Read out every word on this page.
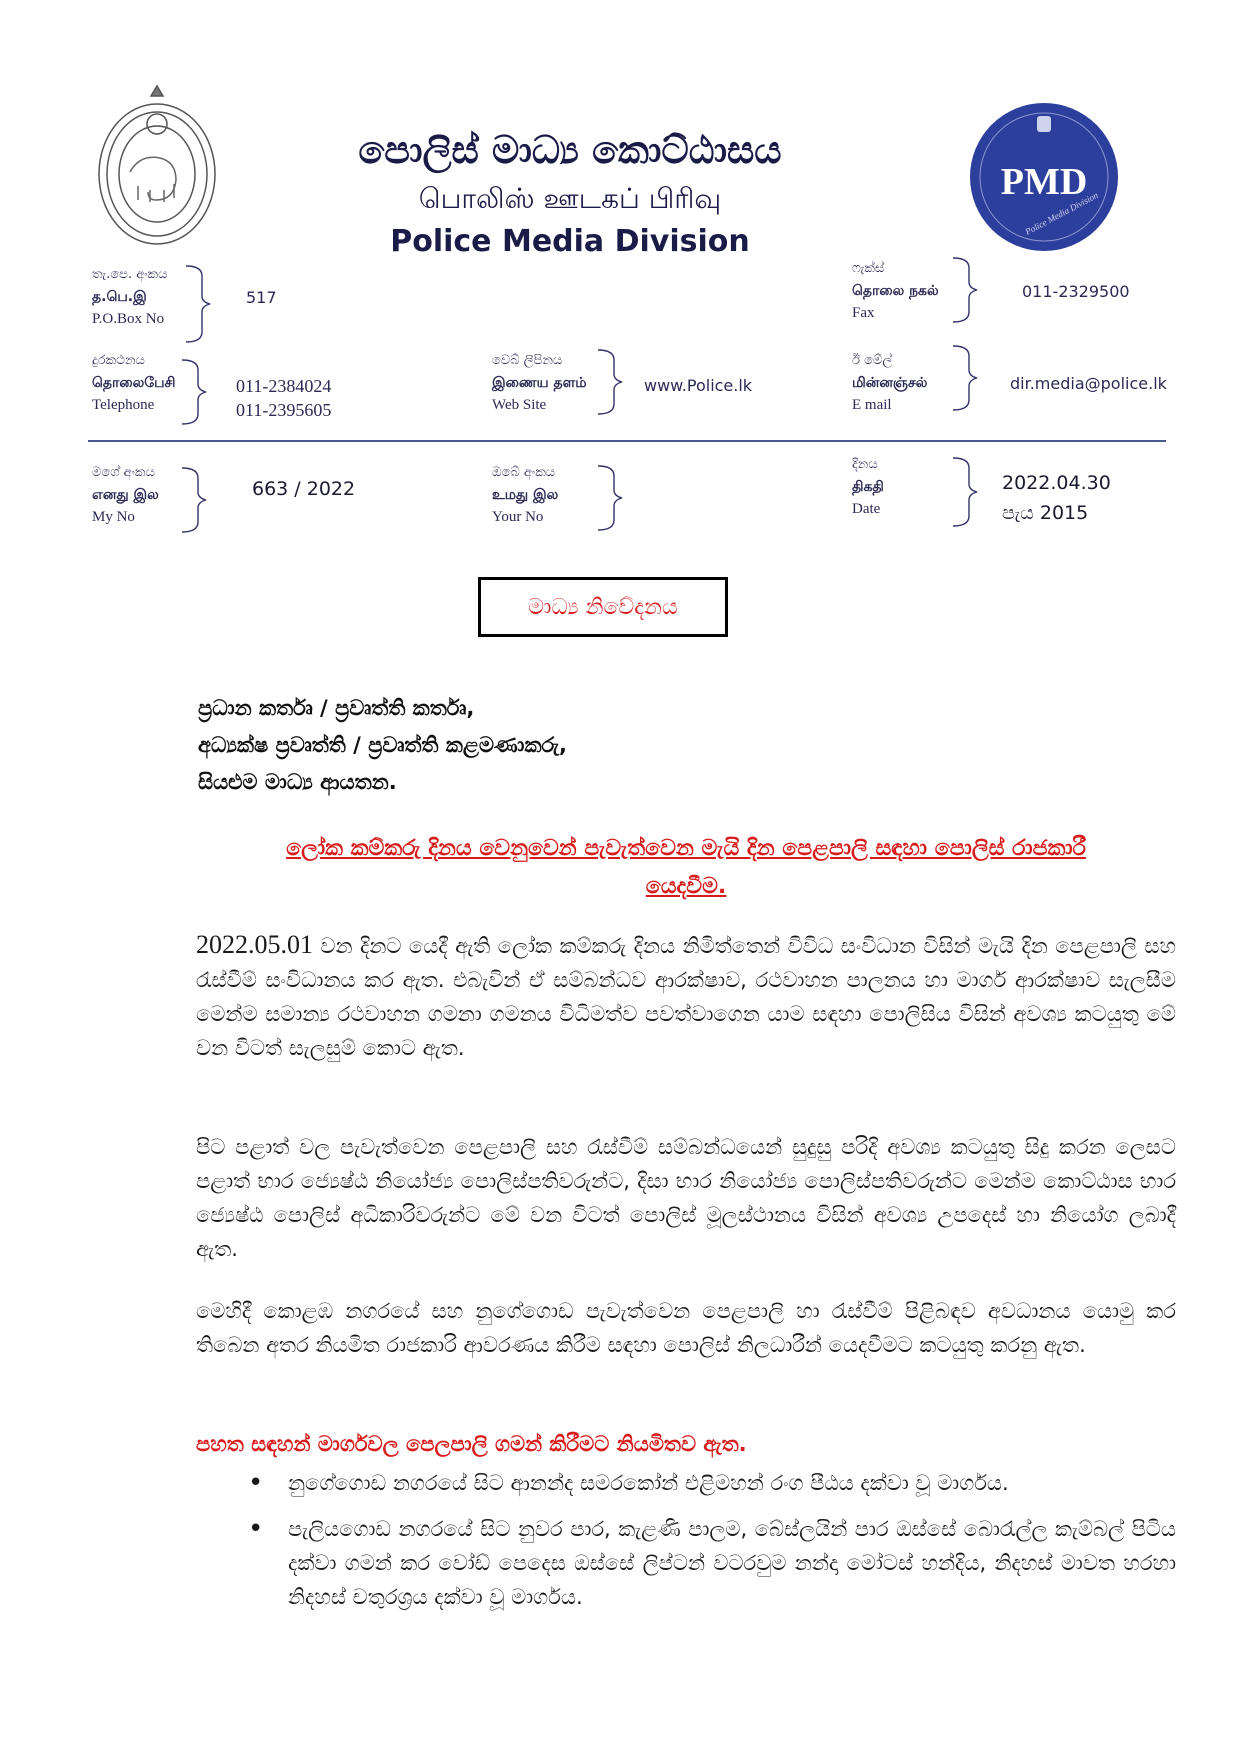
PMD
Police Media Division
පොලිස් මාධ්‍ය කොට්ඨාසය
பொலிஸ் ஊடகப் பிரிவு
Police Media Division
තැ.පෙ. අංකය
த.பெ.இ
P.O.Box No
517
ෆැක්ස්
தொலை நகல்
Fax
011-2329500
දුරකථනය
தொலைபேசி
Telephone
011-2384024
011-2395605
වෙබ් ලිපිනය
இணைய தளம்
Web Site
www.Police.lk
ඊ මේල්
மின்னஞ்சல்
E mail
dir.media@police.lk
මගේ අංකය
எனது இல
My No
663 / 2022
ඔබේ අංකය
உமது இல
Your No
දිනය
திகதி
Date
2022.04.30
පැය 2015
මාධ්‍ය නිවේදනය
ප්‍රධාන කර්තෘ / ප්‍රවෘත්ති කර්තෘ,
අධ්‍යක්ෂ ප්‍රවෘත්ති / ප්‍රවෘත්ති කළමණාකරු,
සියළුම මාධ්‍ය ආයතන.
ලෝක කම්කරු දිනය වෙනුවෙන් පැවැත්වෙන මැයි දින පෙළපාලි සඳහා පොලිස් රාජකාරී
යෙදවීම.
2022.05.01 වන දිනට යෙදී ඇති ලෝක කම්කරු දිනය නිමිත්තෙන් විවිධ සංවිධාන විසින් මැයි දින පෙළපාලි සහ රැස්වීම් සංවිධානය කර ඇත. එබැවින් ඒ සම්බන්ධව ආරක්ෂාව, රථවාහන පාලනය හා මාර්ග ආරක්ෂාව සැලසීම මෙන්ම සමාන්‍ය රථවාහන ගමනා ගමනය විධිමත්ව පවත්වාගෙන යාම සඳහා පොලිසිය විසින් අවශ්‍ය කටයුතු මේ වන විටත් සැලසුම් කොට ඇත.
පිට පළාත් වල පැවැත්වෙන පෙළපාලි සහ රැස්වීම් සම්බන්ධයෙන් සුදුසු පරිදි අවශ්‍ය කටයුතු සිදු කරන ලෙසට පළාත් භාර ජ්‍යෙෂ්ඨ නියෝජ්‍ය පොලිස්පතිවරුන්ට, දිසා භාර නියෝජ්‍ය පොලිස්පතිවරුන්ට මෙන්ම කොට්ඨාස භාර ජ්‍යෙෂ්ඨ පොලිස් අධිකාරිවරුන්ට මේ වන විටත් පොලිස් මූලස්ථානය විසින් අවශ්‍ය උපදෙස් හා නියෝග ලබාදී ඇත.
මෙහිදී කොළඹ නගරයේ සහ නුගේගොඩ පැවැත්වෙන පෙළපාලි හා රැස්වීම් පිළිබඳව අවධානය යොමු කර තිබෙන අතර නියමිත රාජකාරි ආවරණය කිරීම සඳහා පොලිස් නිලධාරීන් යෙදවීමට කටයුතු කරනු ඇත.
පහත සඳහන් මාර්ගවල පෙලපාලි ගමන් කිරීමට නියමිතව ඇත.
• නුගේගොඩ නගරයේ සිට ආනන්ද සමරකෝන් එළිමහන් රංග පීඨය දක්වා වූ මාර්ගය.
• පැලියගොඩ නගරයේ සිට නුවර පාර, කැළණි පාලම, බේස්ලයින් පාර ඔස්සේ බොරැල්ල කැම්බල් පිටිය දක්වා ගමන් කර වෝඩ් පෙදෙස ඔස්සේ ලිප්ටන් වටරවුම නන්දා මෝටස් හන්දිය, නිදහස් මාවත හරහා නිදහස් චතුරශ්‍රය දක්වා වූ මාර්ගය.
